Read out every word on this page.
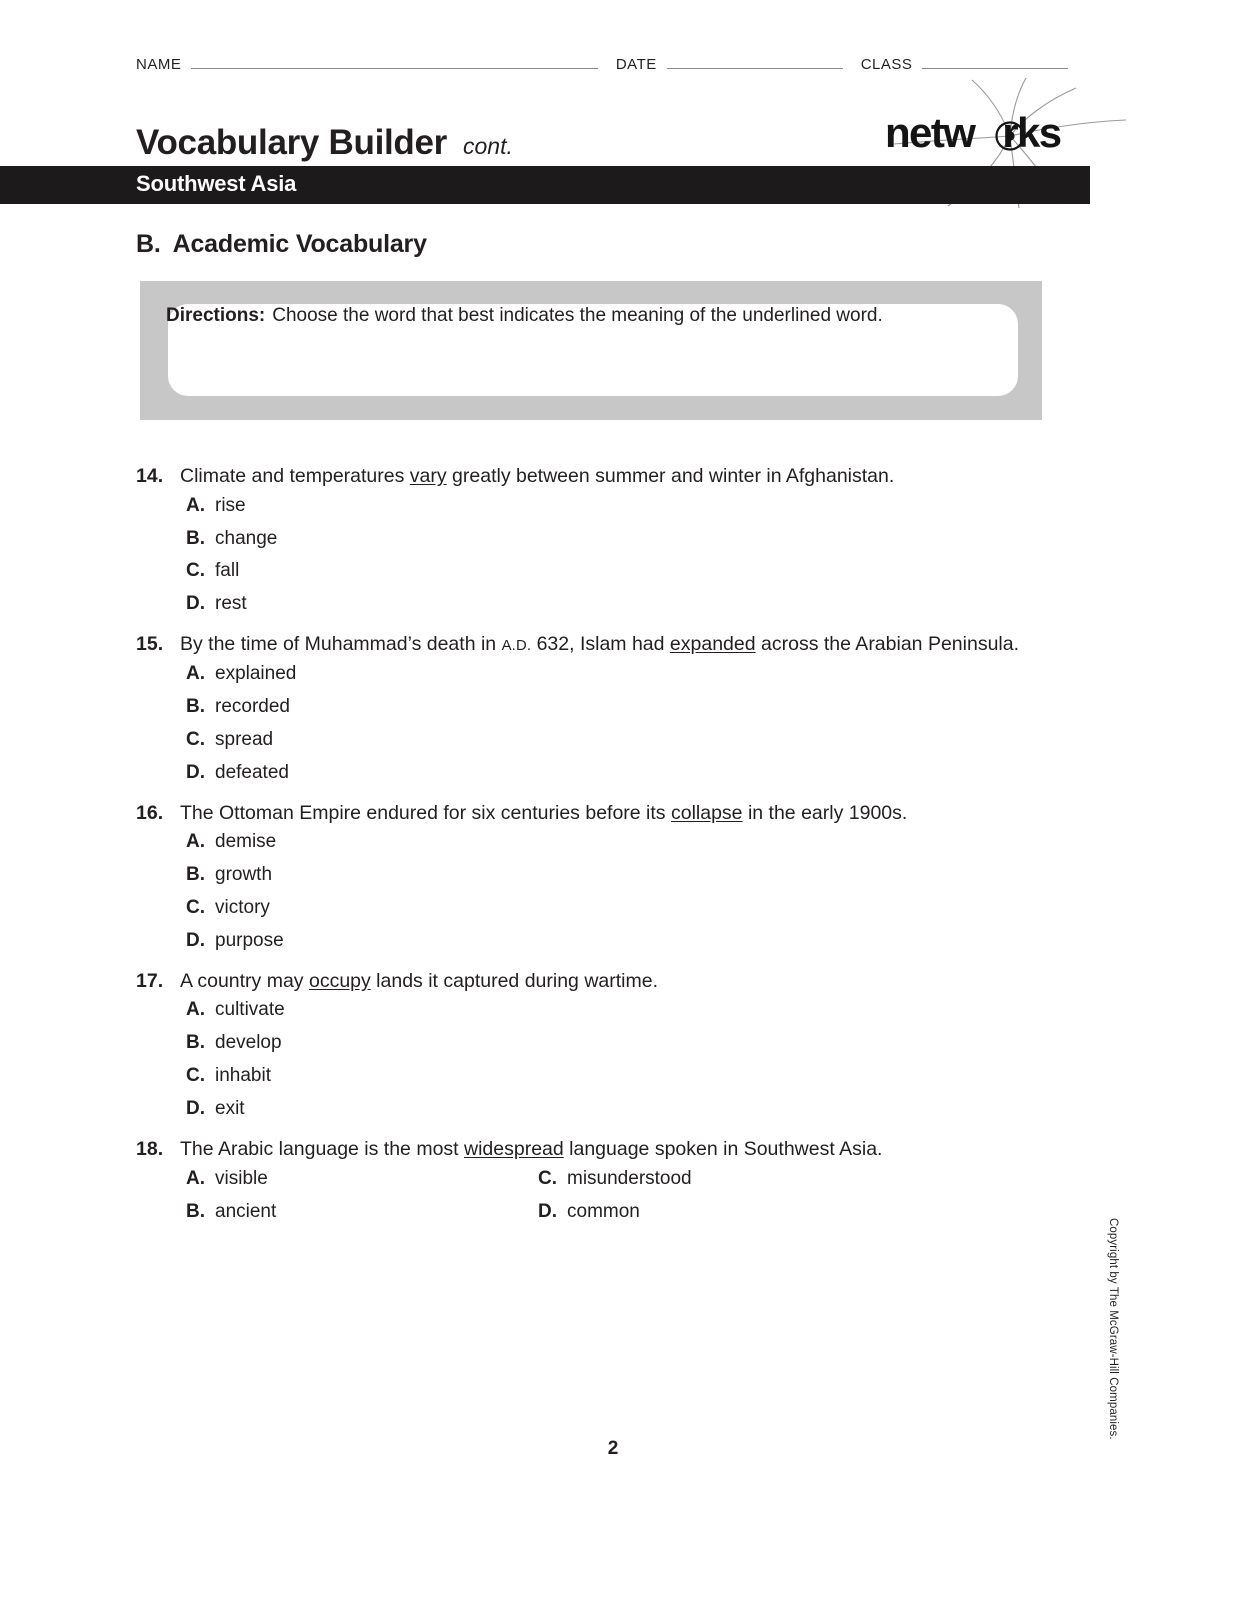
NAME	DATE	CLASS
Vocabulary Builder cont.	netw rks
Southwest Asia
B. Academic Vocabulary
Directions: Choose the word that best indicates the meaning of the underlined word.
14. Climate and temperatures vary greatly between summer and winter in Afghanistan.
A. rise
B. change
C. fall
D. rest
15. By the time of Muhammad’s death in A.D. 632, Islam had expanded across the Arabian Peninsula.
A. explained
B. recorded
C. spread
D. defeated
16. The Ottoman Empire endured for six centuries before its collapse in the early 1900s.
A. demise
B. growth
C. victory
D. purpose
17. A country may occupy lands it captured during wartime.
A. cultivate
B. develop
C. inhabit
D. exit
18. The Arabic language is the most widespread language spoken in Southwest Asia.
A. visible
B. ancient
C. misunderstood
D. common
Copyright by The McGraw-Hill Companies.
2
